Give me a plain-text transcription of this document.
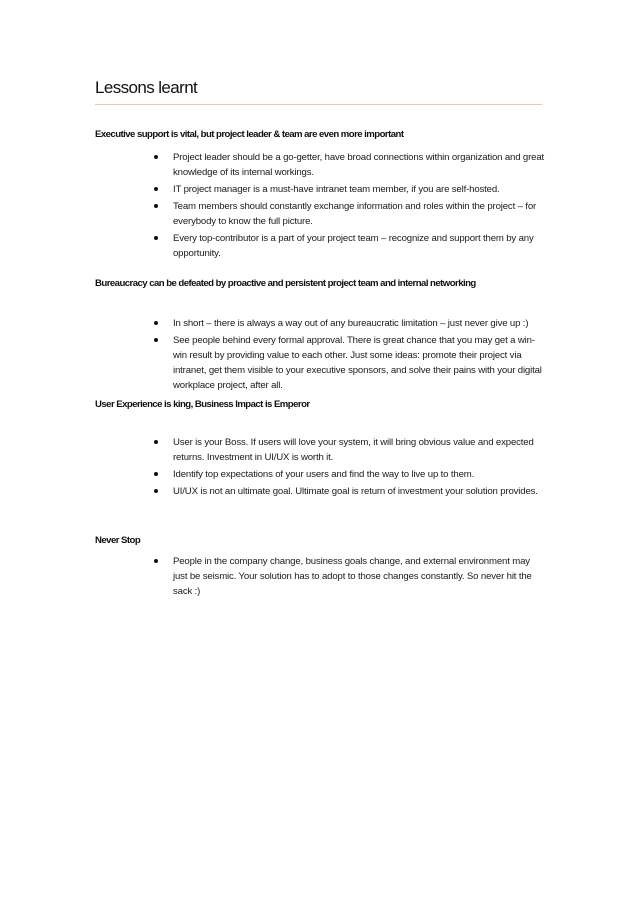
Lessons learnt
Executive support is vital, but project leader & team are even more important
Project leader should be a go-getter, have broad connections within organization and great knowledge of its internal workings.
IT project manager is a must-have intranet team member, if you are self-hosted.
Team members should constantly exchange information and roles within the project – for everybody to know the full picture.
Every top-contributor is a part of your project team – recognize and support them by any opportunity.
Bureaucracy can be defeated by proactive and persistent project team and internal networking
In short – there is always a way out of any bureaucratic limitation – just never give up :)
See people behind every formal approval. There is great chance that you may get a win-win result by providing value to each other. Just some ideas: promote their project via intranet, get them visible to your executive sponsors, and solve their pains with your digital workplace project, after all.
User Experience is king, Business Impact is Emperor
User is your Boss. If users will love your system, it will bring obvious value and expected returns. Investment in UI/UX is worth it.
Identify top expectations of your users and find the way to live up to them.
UI/UX is not an ultimate goal. Ultimate goal is return of investment your solution provides.
Never Stop
People in the company change, business goals change, and external environment may just be seismic. Your solution has to adopt to those changes constantly. So never hit the sack :)
